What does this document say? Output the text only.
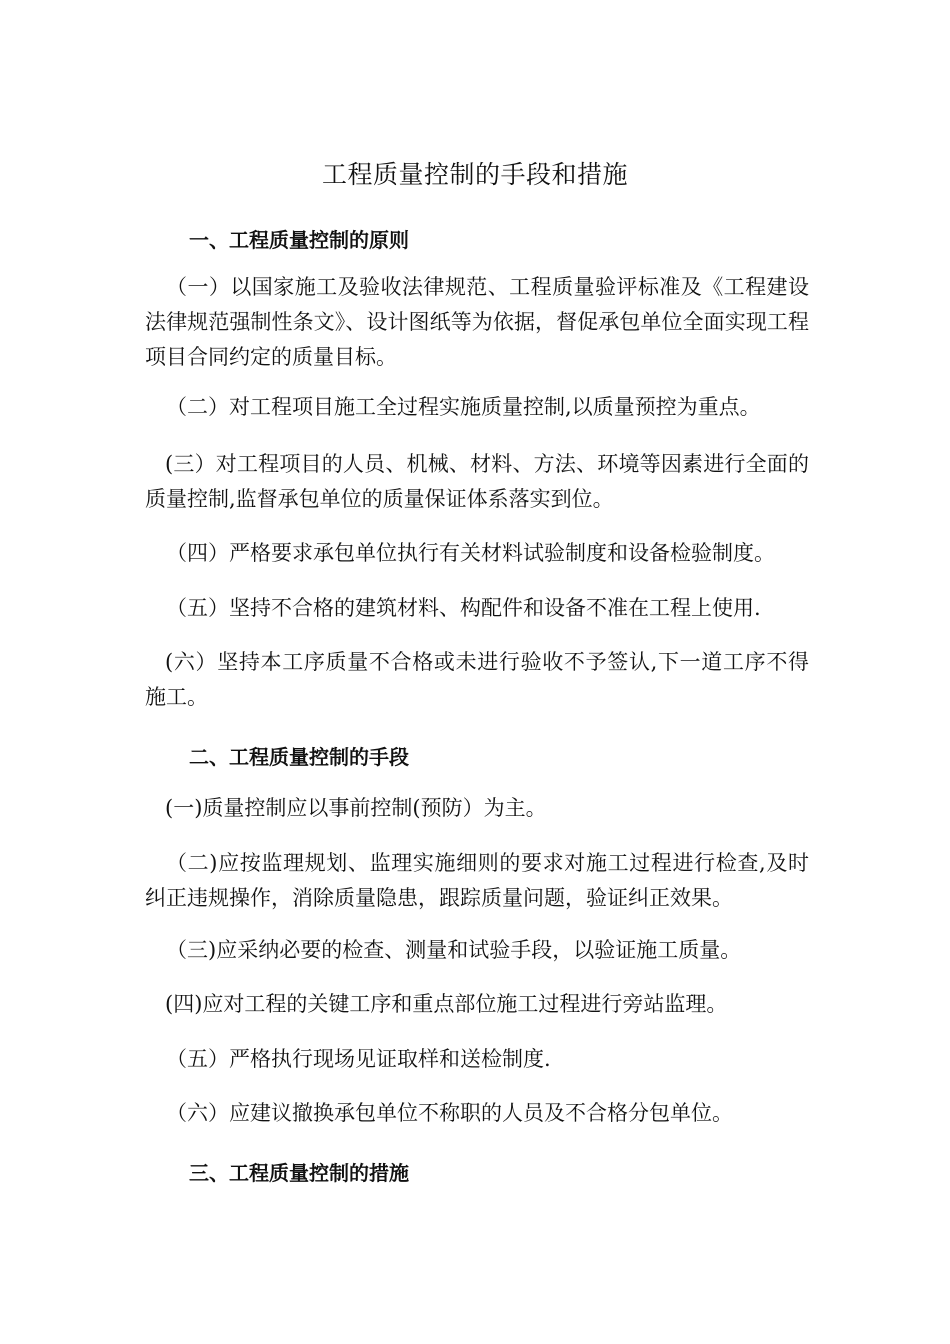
工程质量控制的手段和措施
一、工程质量控制的原则
（一）以国家施工及验收法律规范、工程质量验评标准及《工程建设法律规范强制性条文》、设计图纸等为依据，督促承包单位全面实现工程项目合同约定的质量目标。
（二）对工程项目施工全过程实施质量控制,以质量预控为重点。
(三）对工程项目的人员、机械、材料、方法、环境等因素进行全面的质量控制,监督承包单位的质量保证体系落实到位。
（四）严格要求承包单位执行有关材料试验制度和设备检验制度。
（五）坚持不合格的建筑材料、构配件和设备不准在工程上使用.
(六）坚持本工序质量不合格或未进行验收不予签认,下一道工序不得施工。
二、工程质量控制的手段
(一)质量控制应以事前控制(预防）为主。
（二)应按监理规划、监理实施细则的要求对施工过程进行检查,及时纠正违规操作，消除质量隐患，跟踪质量问题，验证纠正效果。
（三)应采纳必要的检查、测量和试验手段，以验证施工质量。
(四)应对工程的关键工序和重点部位施工过程进行旁站监理。
（五）严格执行现场见证取样和送检制度.
（六）应建议撤换承包单位不称职的人员及不合格分包单位。
三、工程质量控制的措施
